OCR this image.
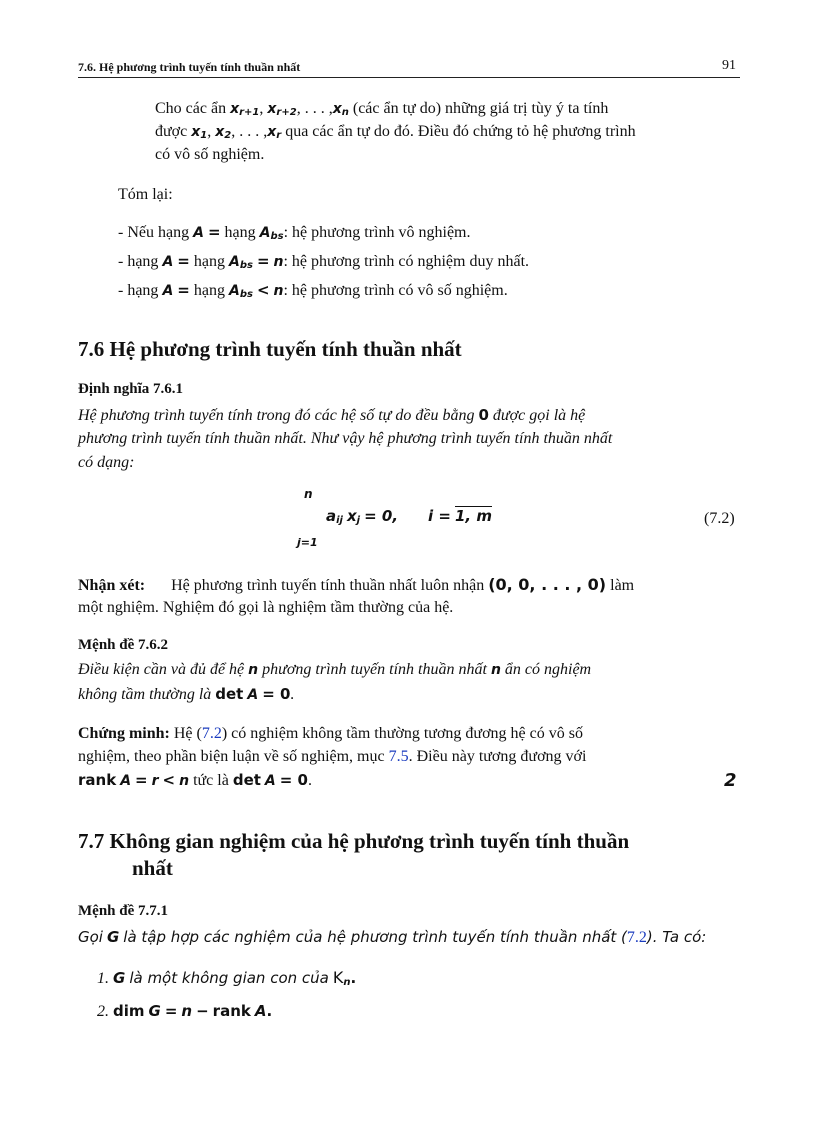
7.6. Hệ phương trình tuyến tính thuần nhất	91
Cho các ẩn xr+1, xr+2, . . . ,xn (các ẩn tự do) những giá trị tùy ý ta tính
được x1, x2, . . . ,xr qua các ẩn tự do đó. Điều đó chứng tỏ hệ phương trình
có vô số nghiệm.
Tóm lại:
- Nếu hạng A = hạng Abs: hệ phương trình vô nghiệm.
- hạng A = hạng Abs = n: hệ phương trình có nghiệm duy nhất.
- hạng A = hạng Abs < n: hệ phương trình có vô số nghiệm.
7.6 Hệ phương trình tuyến tính thuần nhất
Định nghĩa 7.6.1
Hệ phương trình tuyến tính trong đó các hệ số tự do đều bằng 0 được gọi là hệ
phương trình tuyến tính thuần nhất. Như vậy hệ phương trình tuyến tính thuần nhất
có dạng:
n
j=1
aij xj = 0, i = 1, m	(7.2)
Nhận xét: Hệ phương trình tuyến tính thuần nhất luôn nhận (0, 0, . . . , 0) làm
một nghiệm. Nghiệm đó gọi là nghiệm tầm thường của hệ.
Mệnh đề 7.6.2
Điều kiện cần và đủ để hệ n phương trình tuyến tính thuần nhất n ẩn có nghiệm
không tầm thường là det A = 0.
Chứng minh: Hệ (7.2) có nghiệm không tầm thường tương đương hệ có vô số
nghiệm, theo phần biện luận về số nghiệm, mục 7.5. Điều này tương đương với
rank A = r < n tức là det A = 0.	2
7.7 Không gian nghiệm của hệ phương trình tuyến tính thuần
nhất
Mệnh đề 7.7.1
Gọi G là tập hợp các nghiệm của hệ phương trình tuyến tính thuần nhất (7.2). Ta có:
1. G là một không gian con của Kn.
2. dim G = n − rank A.
